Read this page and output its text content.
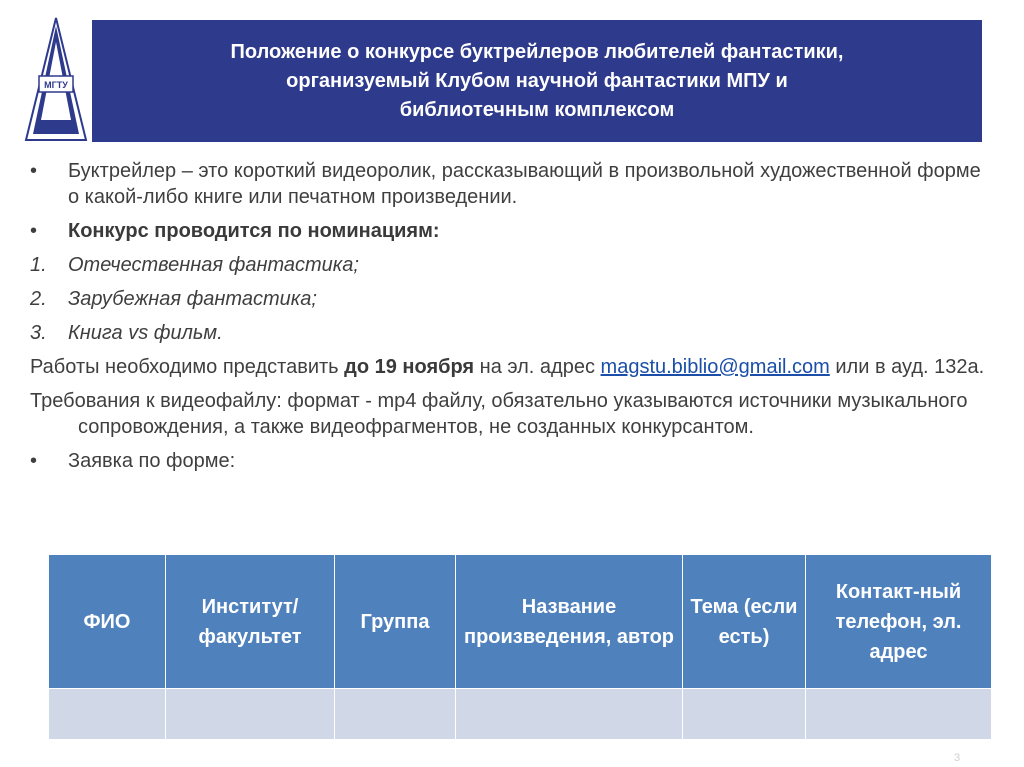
МГТУ
Положение о конкурсе буктрейлеров любителей фантастики,
организуемый Клубом научной фантастики МПУ и
библиотечным комплексом

• Буктрейлер – это короткий видеоролик, рассказывающий в произвольной художественной форме о какой-либо книге или печатном произведении.

• Конкурс проводится по номинациям:

1. Отечественная фантастика;

2. Зарубежная фантастика;

3. Книга vs фильм.

Работы необходимо представить до 19 ноября на эл. адрес magstu.biblio@gmail.com или в ауд. 132а.

Требования к видеофайлу: формат - mp4 файлу, обязательно указываются источники музыкального сопровождения, а также видеофрагментов, не созданных конкурсантом.

• Заявка по форме:

ФИО	Институт/ факультет	Группа	Название произведения, автор	Тема (если есть)	Контакт-ный телефон, эл. адрес

3
